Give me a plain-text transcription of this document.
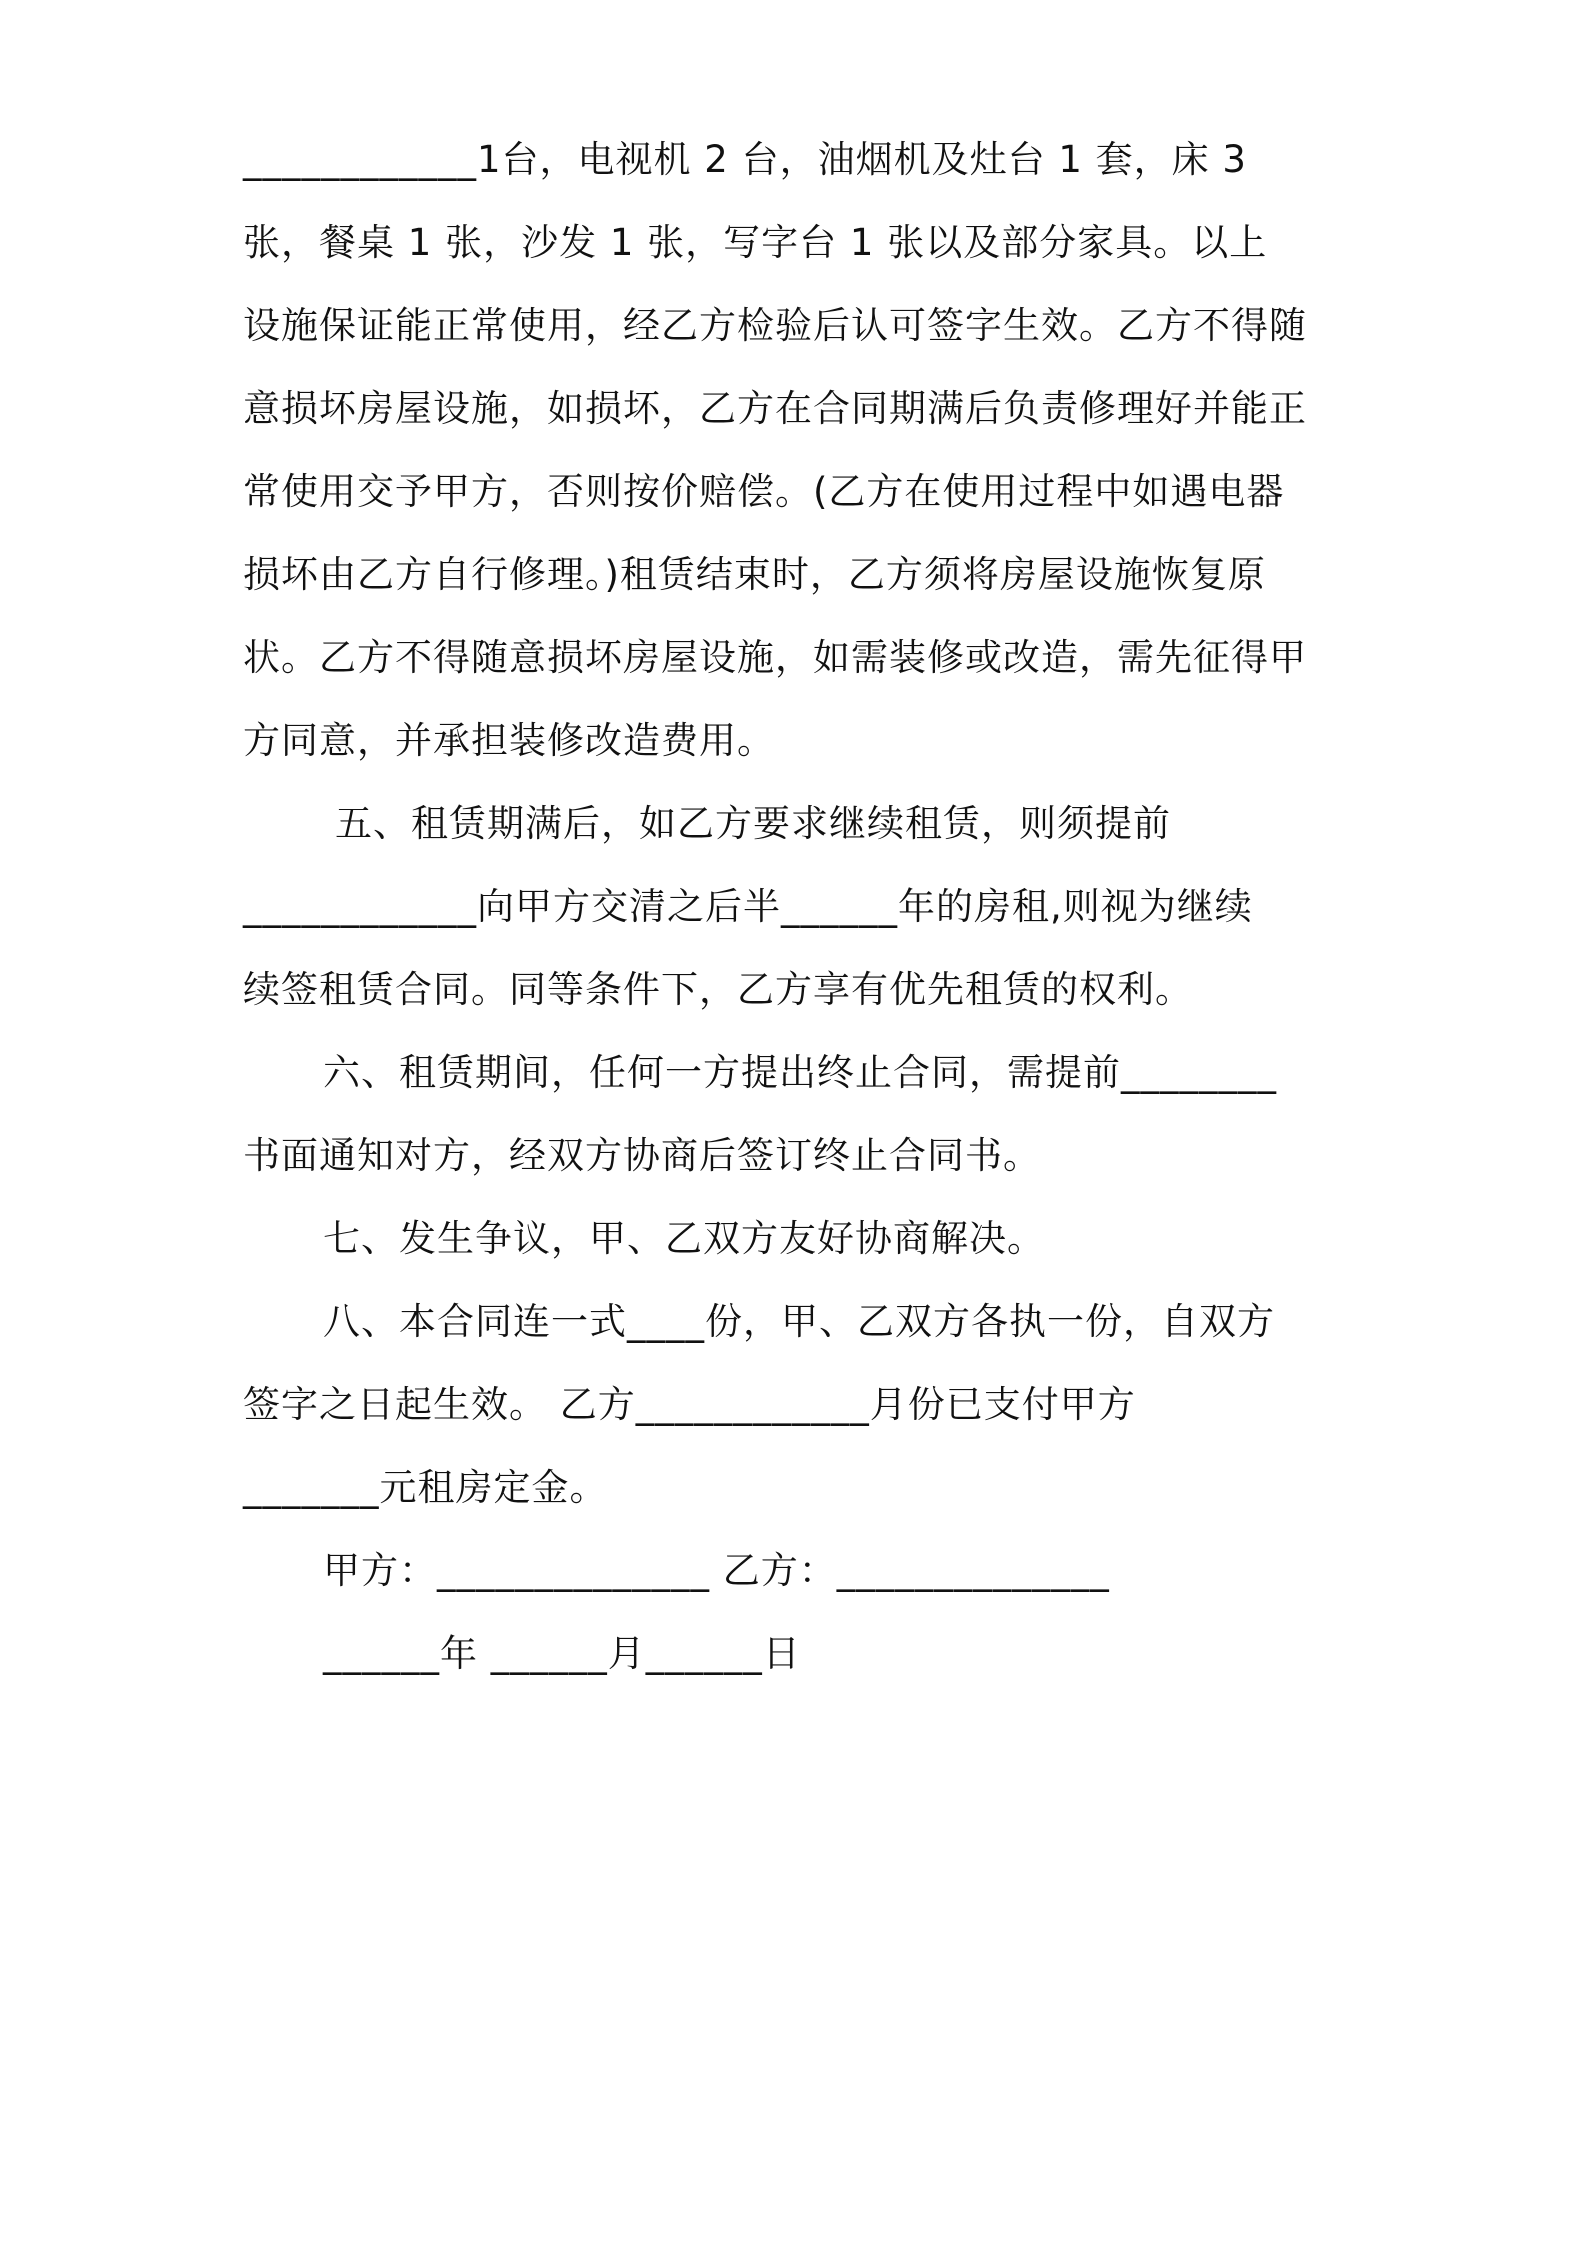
____________1台，电视机 2 台，油烟机及灶台 1 套，床 3
张，餐桌 1 张，沙发 1 张，写字台 1 张以及部分家具。以上
设施保证能正常使用，经乙方检验后认可签字生效。乙方不得随
意损坏房屋设施，如损坏，乙方在合同期满后负责修理好并能正
常使用交予甲方，否则按价赔偿。(乙方在使用过程中如遇电器
损坏由乙方自行修理。)租赁结束时，乙方须将房屋设施恢复原
状。乙方不得随意损坏房屋设施，如需装修或改造，需先征得甲
方同意，并承担装修改造费用。
五、租赁期满后，如乙方要求继续租赁，则须提前
____________向甲方交清之后半______年的房租,则视为继续
续签租赁合同。同等条件下，乙方享有优先租赁的权利。
六、租赁期间，任何一方提出终止合同，需提前________
书面通知对方，经双方协商后签订终止合同书。
七、发生争议，甲、乙双方友好协商解决。
八、本合同连一式____份，甲、乙双方各执一份，自双方
签字之日起生效。 乙方____________月份已支付甲方
_______元租房定金。
甲方：______________ 乙方：______________
______年 ______月______日
